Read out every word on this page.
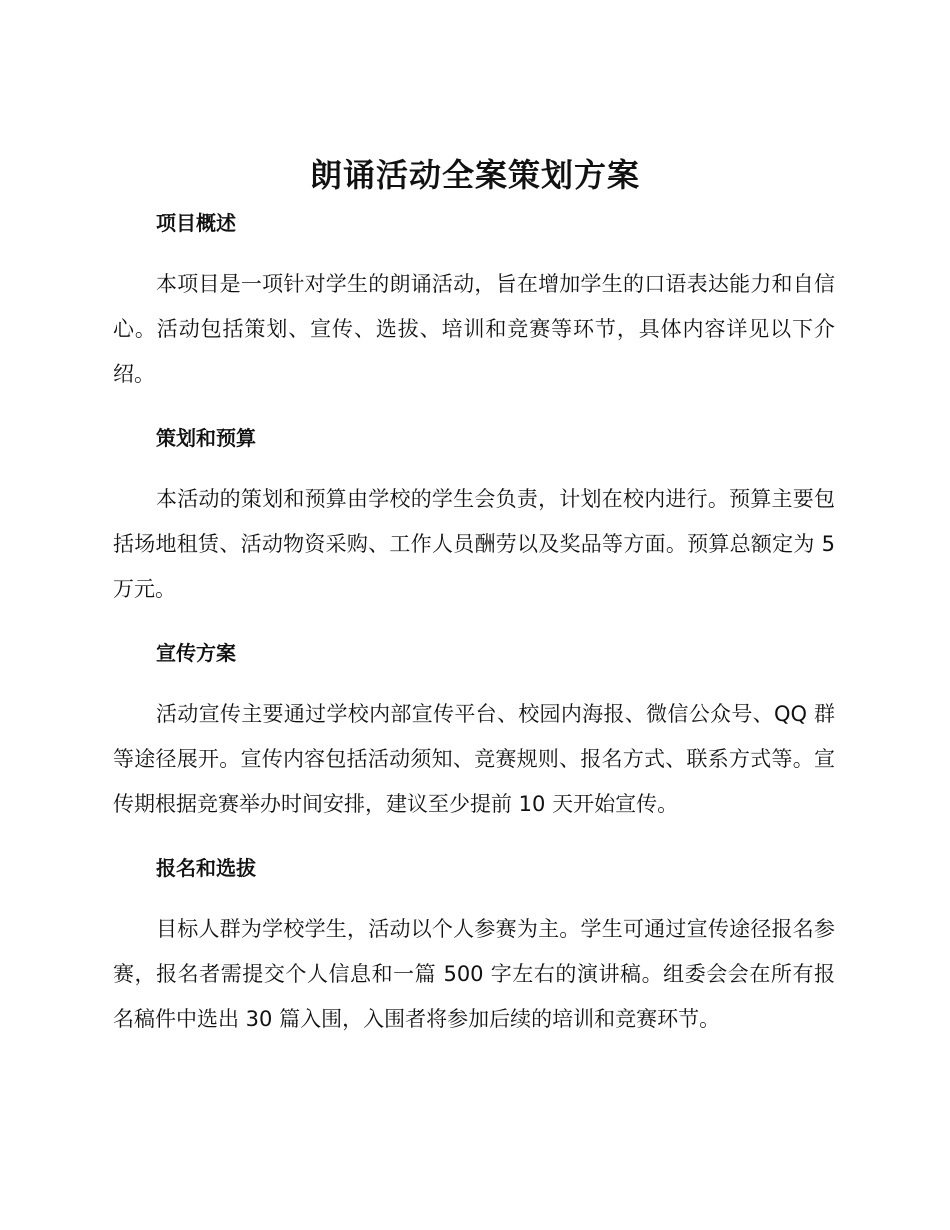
朗诵活动全案策划方案
项目概述

本项目是一项针对学生的朗诵活动，旨在增加学生的口语表达能力和自信心。活动包括策划、宣传、选拔、培训和竞赛等环节，具体内容详见以下介绍。

策划和预算

本活动的策划和预算由学校的学生会负责，计划在校内进行。预算主要包括场地租赁、活动物资采购、工作人员酬劳以及奖品等方面。预算总额定为 5 万元。

宣传方案

活动宣传主要通过学校内部宣传平台、校园内海报、微信公众号、QQ 群等途径展开。宣传内容包括活动须知、竞赛规则、报名方式、联系方式等。宣传期根据竞赛举办时间安排，建议至少提前 10 天开始宣传。

报名和选拔

目标人群为学校学生，活动以个人参赛为主。学生可通过宣传途径报名参赛，报名者需提交个人信息和一篇 500 字左右的演讲稿。组委会会在所有报名稿件中选出 30 篇入围，入围者将参加后续的培训和竞赛环节。
